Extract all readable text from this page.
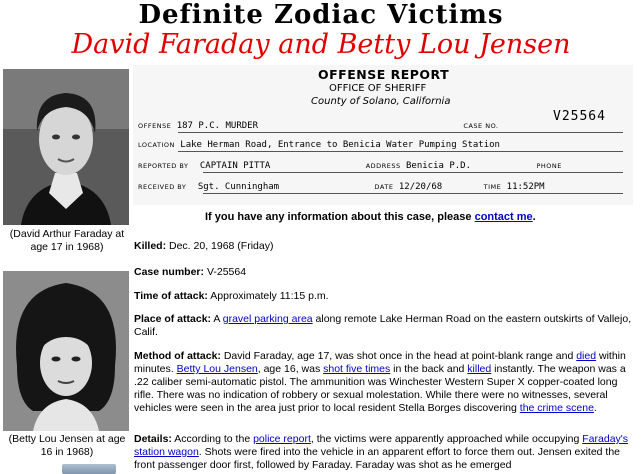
Definite Zodiac Victims
David Faraday and Betty Lou Jensen
(David Arthur Faraday at age 17 in 1968)
(Betty Lou Jensen at age 16 in 1968)
OFFENSE REPORT
OFFICE OF SHERIFF
County of Solano, California
V25564
OFFENSE 187 P.C. MURDER	CASE NO.
LOCATION Lake Herman Road, Entrance to Benicia Water Pumping Station
REPORTED BY CAPTAIN PITTA	ADDRESS Benicia P.D.	PHONE
RECEIVED BY Sgt. Cunningham	DATE 12/20/68	TIME 11:52PM
If you have any information about this case, please contact me.
Killed: Dec. 20, 1968 (Friday)
Case number: V-25564
Time of attack: Approximately 11:15 p.m.
Place of attack: A gravel parking area along remote Lake Herman Road on the eastern outskirts of Vallejo, Calif.
Method of attack: David Faraday, age 17, was shot once in the head at point-blank range and died within minutes. Betty Lou Jensen, age 16, was shot five times in the back and killed instantly. The weapon was a .22 caliber semi-automatic pistol. The ammunition was Winchester Western Super X copper-coated long rifle. There was no indication of robbery or sexual molestation. While there were no witnesses, several vehicles were seen in the area just prior to local resident Stella Borges discovering the crime scene.
Details: According to the police report, the victims were apparently approached while occupying Faraday's station wagon. Shots were fired into the vehicle in an apparent effort to force them out. Jensen exited the front passenger door first, followed by Faraday. Faraday was shot as he emerged
